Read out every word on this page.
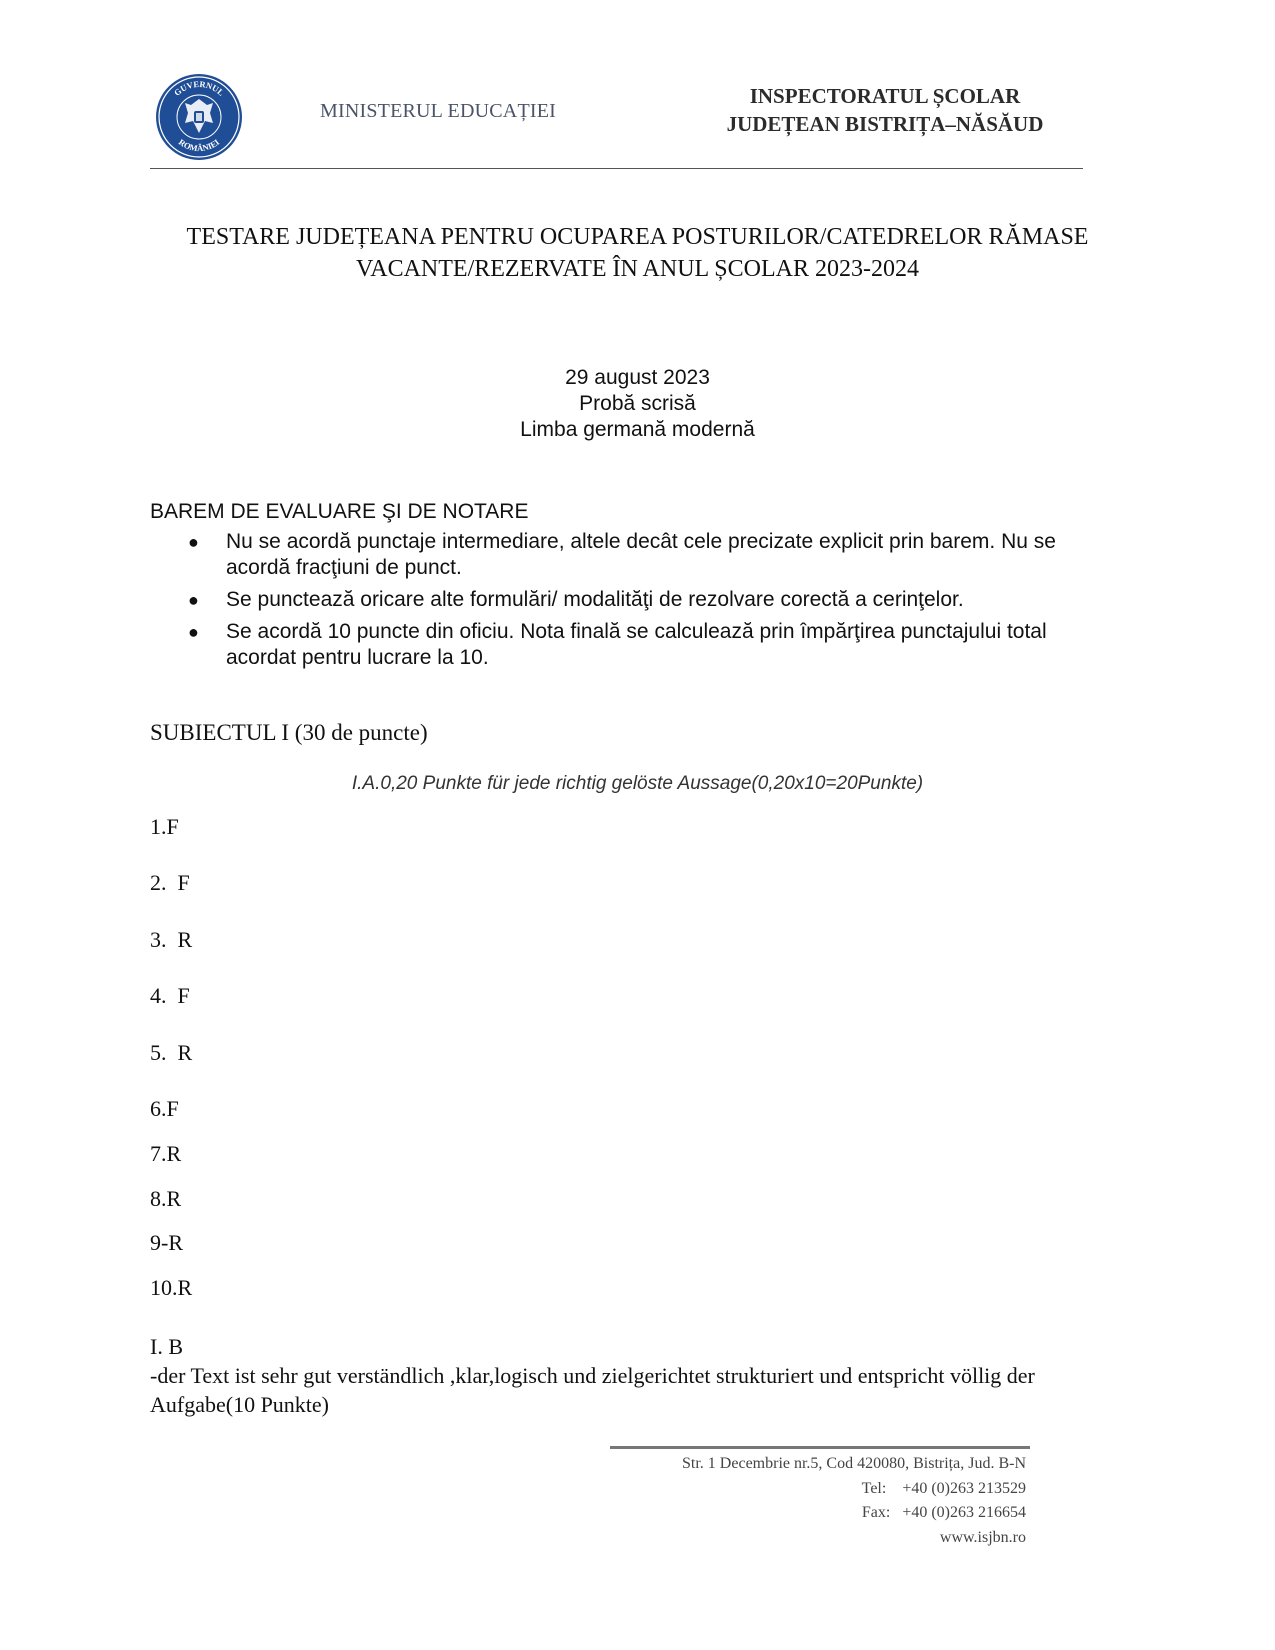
GUVERNUL
ROMÂNIEI
MINISTERUL EDUCAȚIEI
INSPECTORATUL ȘCOLAR
JUDEȚEAN BISTRIȚA–NĂSĂUD
TESTARE JUDEȚEANA PENTRU OCUPAREA POSTURILOR/CATEDRELOR RĂMASE
VACANTE/REZERVATE ÎN ANUL ȘCOLAR 2023-2024
29 august 2023
Probă scrisă
Limba germană modernă
BAREM DE EVALUARE ŞI DE NOTARE
● Nu se acordă punctaje intermediare, altele decât cele precizate explicit prin barem. Nu se acordă fracţiuni de punct.
● Se punctează oricare alte formulări/ modalităţi de rezolvare corectă a cerinţelor.
● Se acordă 10 puncte din oficiu. Nota finală se calculează prin împărţirea punctajului total acordat pentru lucrare la 10.
SUBIECTUL I (30 de puncte)
I.A.0,20 Punkte für jede richtig gelöste Aussage(0,20x10=20Punkte)
1.F
2.  F
3.  R
4.  F
5.  R
6.F
7.R
8.R
9-R
10.R
I. B
-der Text ist sehr gut verständlich ,klar,logisch und zielgerichtet strukturiert und entspricht völlig der Aufgabe(10 Punkte)
Str. 1 Decembrie nr.5, Cod 420080, Bistrița, Jud. B-N
Tel:    +40 (0)263 213529
Fax:   +40 (0)263 216654
www.isjbn.ro
